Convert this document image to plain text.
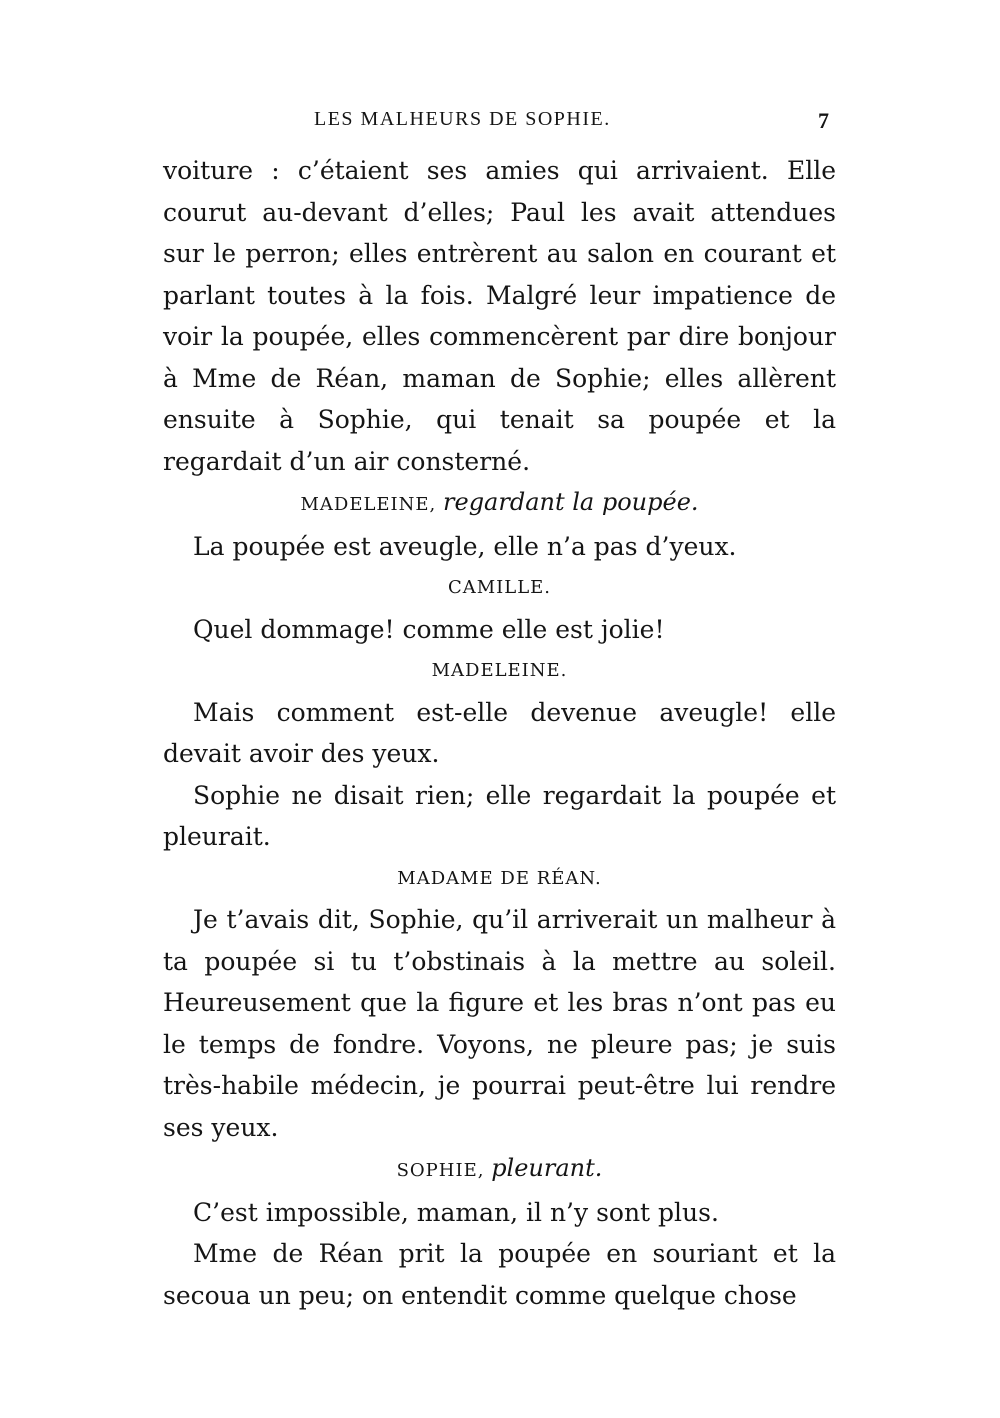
LES MALHEURS DE SOPHIE.	7

voiture : c’étaient ses amies qui arrivaient. Elle courut au-devant d’elles; Paul les avait attendues sur le perron; elles entrèrent au salon en courant et parlant toutes à la fois. Malgré leur impatience de voir la poupée, elles commencèrent par dire bonjour à Mme de Réan, maman de Sophie; elles allèrent ensuite à Sophie, qui tenait sa poupée et la regardait d’un air consterné.

MADELEINE, regardant la poupée.

La poupée est aveugle, elle n’a pas d’yeux.

CAMILLE.

Quel dommage! comme elle est jolie!

MADELEINE.

Mais comment est-elle devenue aveugle! elle devait avoir des yeux.

Sophie ne disait rien; elle regardait la poupée et pleurait.

MADAME DE RÉAN.

Je t’avais dit, Sophie, qu’il arriverait un malheur à ta poupée si tu t’obstinais à la mettre au soleil. Heureusement que la figure et les bras n’ont pas eu le temps de fondre. Voyons, ne pleure pas; je suis très-habile médecin, je pourrai peut-être lui rendre ses yeux.

SOPHIE, pleurant.

C’est impossible, maman, il n’y sont plus.

Mme de Réan prit la poupée en souriant et la secoua un peu; on entendit comme quelque chose
